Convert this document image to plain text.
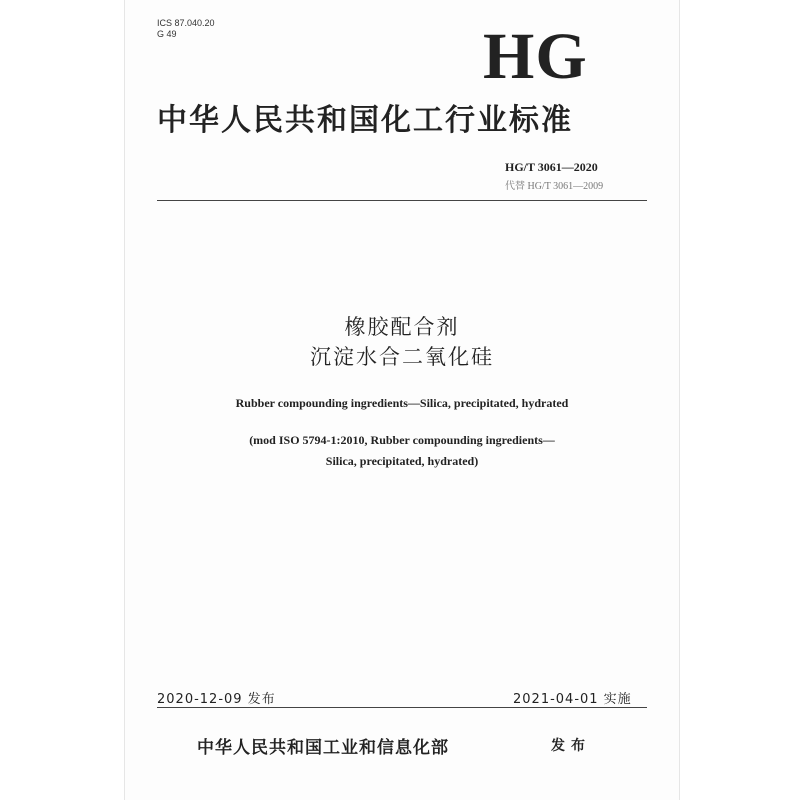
ICS 87.040.20
G 49	HG
中华人民共和国化工行业标准
HG/T 3061—2020
代替 HG/T 3061—2009
橡胶配合剂
沉淀水合二氧化硅
Rubber compounding ingredients—Silica, precipitated, hydrated
(mod ISO 5794-1:2010, Rubber compounding ingredients—
Silica, precipitated, hydrated)
2020-12-09 发布	2021-04-01 实施
中华人民共和国工业和信息化部	发布
